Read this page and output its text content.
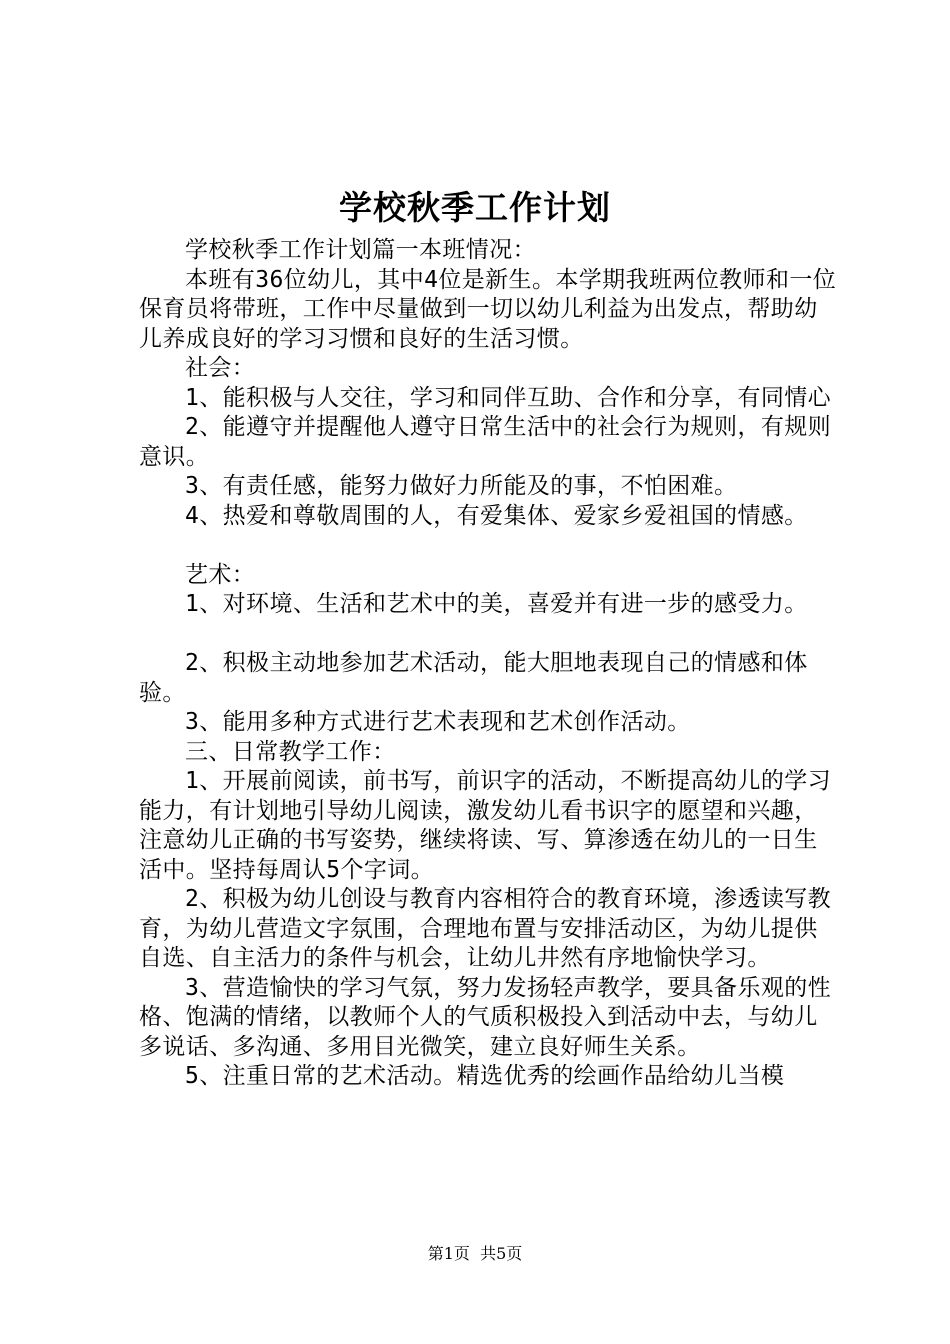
学校秋季工作计划

学校秋季工作计划篇一本班情况：

本班有36位幼儿，其中4位是新生。本学期我班两位教师和一位保育员将带班，工作中尽量做到一切以幼儿利益为出发点，帮助幼儿养成良好的学习习惯和良好的生活习惯。

社会：

1、能积极与人交往，学习和同伴互助、合作和分享，有同情心

2、能遵守并提醒他人遵守日常生活中的社会行为规则，有规则意识。

3、有责任感，能努力做好力所能及的事，不怕困难。

4、热爱和尊敬周围的人，有爱集体、爱家乡爱祖国的情感。

艺术：

1、对环境、生活和艺术中的美，喜爱并有进一步的感受力。

2、积极主动地参加艺术活动，能大胆地表现自己的情感和体验。

3、能用多种方式进行艺术表现和艺术创作活动。

三、日常教学工作：

1、开展前阅读，前书写，前识字的活动，不断提高幼儿的学习能力，有计划地引导幼儿阅读，激发幼儿看书识字的愿望和兴趣，注意幼儿正确的书写姿势，继续将读、写、算渗透在幼儿的一日生活中。坚持每周认5个字词。

2、积极为幼儿创设与教育内容相符合的教育环境，渗透读写教育，为幼儿营造文字氛围，合理地布置与安排活动区，为幼儿提供自选、自主活力的条件与机会，让幼儿井然有序地愉快学习。

3、营造愉快的学习气氛，努力发扬轻声教学，要具备乐观的性格、饱满的情绪，以教师个人的气质积极投入到活动中去，与幼儿多说话、多沟通、多用目光微笑，建立良好师生关系。

5、注重日常的艺术活动。精选优秀的绘画作品给幼儿当模

第1页 共5页
